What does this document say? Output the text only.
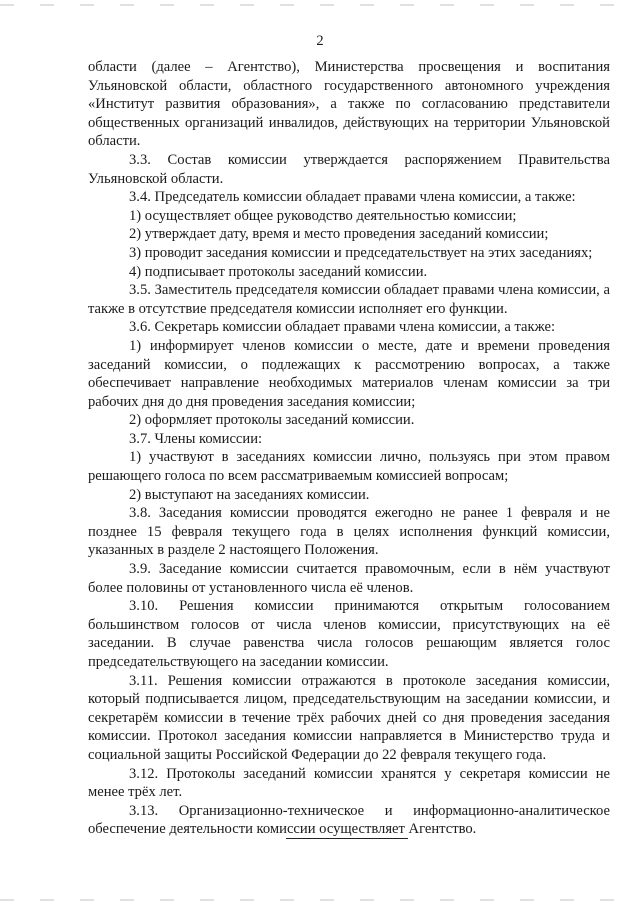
2

области (далее – Агентство), Министерства просвещения и воспитания Ульяновской области, областного государственного автономного учреждения «Институт развития образования», а также по согласованию представители общественных организаций инвалидов, действующих на территории Ульяновской области.

3.3. Состав комиссии утверждается распоряжением Правительства Ульяновской области.

3.4. Председатель комиссии обладает правами члена комиссии, а также:

1) осуществляет общее руководство деятельностью комиссии;

2) утверждает дату, время и место проведения заседаний комиссии;

3) проводит заседания комиссии и председательствует на этих заседаниях;

4) подписывает протоколы заседаний комиссии.

3.5. Заместитель председателя комиссии обладает правами члена комиссии, а также в отсутствие председателя комиссии исполняет его функции.

3.6. Секретарь комиссии обладает правами члена комиссии, а также:

1) информирует членов комиссии о месте, дате и времени проведения заседаний комиссии, о подлежащих к рассмотрению вопросах, а также обеспечивает направление необходимых материалов членам комиссии за три рабочих дня до дня проведения заседания комиссии;

2) оформляет протоколы заседаний комиссии.

3.7. Члены комиссии:

1) участвуют в заседаниях комиссии лично, пользуясь при этом правом решающего голоса по всем рассматриваемым комиссией вопросам;

2) выступают на заседаниях комиссии.

3.8. Заседания комиссии проводятся ежегодно не ранее 1 февраля и не позднее 15 февраля текущего года в целях исполнения функций комиссии, указанных в разделе 2 настоящего Положения.

3.9. Заседание комиссии считается правомочным, если в нём участвуют более половины от установленного числа её членов.

3.10. Решения комиссии принимаются открытым голосованием большинством голосов от числа членов комиссии, присутствующих на её заседании. В случае равенства числа голосов решающим является голос председательствующего на заседании комиссии.

3.11. Решения комиссии отражаются в протоколе заседания комиссии, который подписывается лицом, председательствующим на заседании комиссии, и секретарём комиссии в течение трёх рабочих дней со дня проведения заседания комиссии. Протокол заседания комиссии направляется в Министерство труда и социальной защиты Российской Федерации до 22 февраля текущего года.

3.12. Протоколы заседаний комиссии хранятся у секретаря комиссии не менее трёх лет.

3.13. Организационно-техническое и информационно-аналитическое обеспечение деятельности комиссии осуществляет Агентство.
